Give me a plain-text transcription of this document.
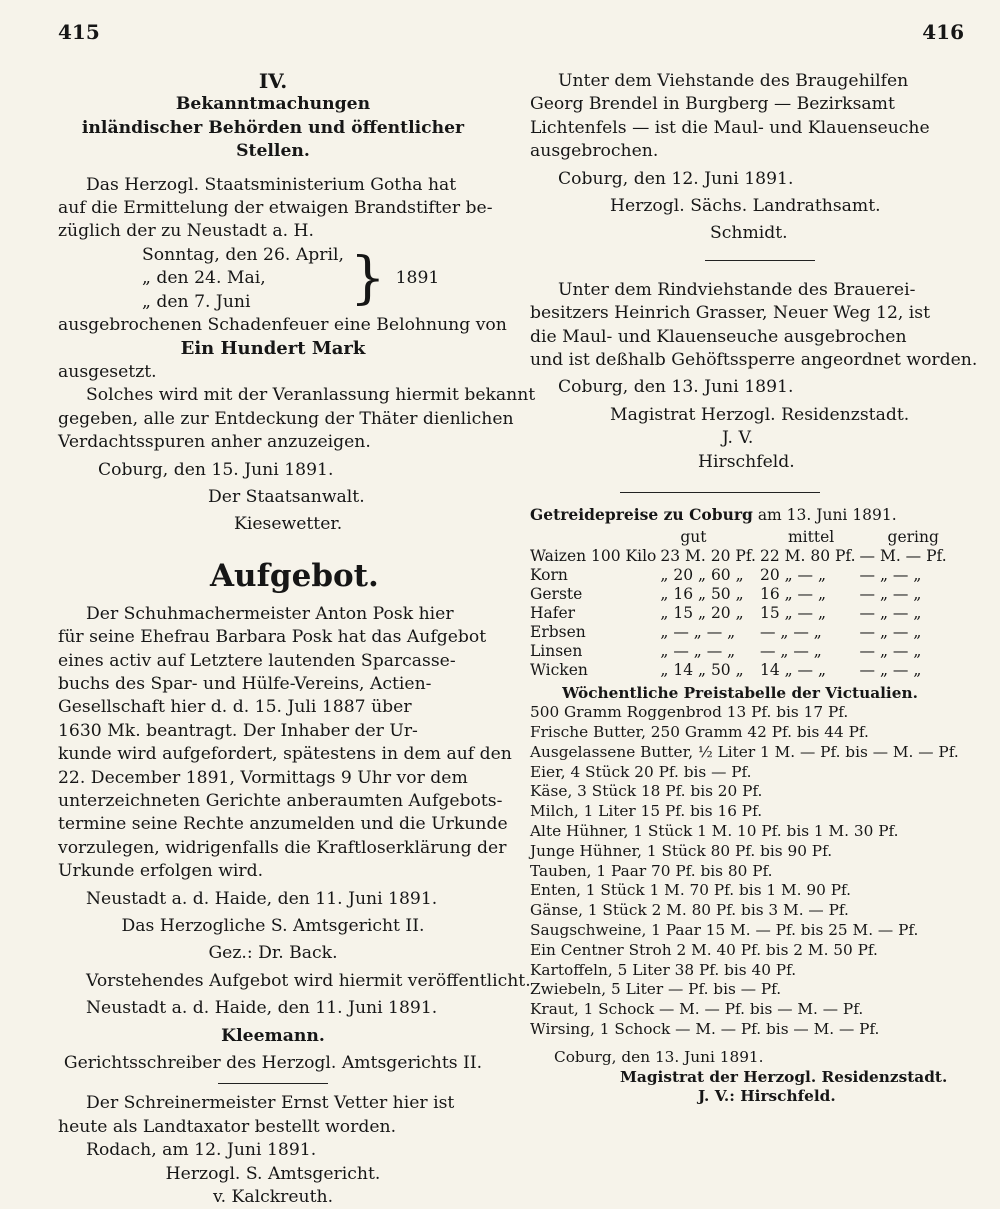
415	416
IV.
Bekanntmachungen
inländischer Behörden und öffentlicher Stellen.
Das Herzogl. Staatsministerium Gotha hat
auf die Ermittelung der etwaigen Brandstifter be-
züglich der zu Neustadt a. H.
Sonntag, den 26. April,
„ den 24. Mai,
„ den 7. Juni	} 1891
ausgebrochenen Schadenfeuer eine Belohnung von
Ein Hundert Mark
ausgesetzt.
Solches wird mit der Veranlassung hiermit bekannt
gegeben, alle zur Entdeckung der Thäter dienlichen
Verdachtsspuren anher anzuzeigen.
Coburg, den 15. Juni 1891.
Der Staatsanwalt.
Kiesewetter.
Aufgebot.
Der Schuhmachermeister Anton Posk hier
für seine Ehefrau Barbara Posk hat das Aufgebot
eines activ auf Letztere lautenden Sparcasse-
buchs des Spar- und Hülfe-Vereins, Actien-
Gesellschaft hier d. d. 15. Juli 1887 über
1630 Mk. beantragt. Der Inhaber der Ur-
kunde wird aufgefordert, spätestens in dem auf den
22. December 1891, Vormittags 9 Uhr vor dem
unterzeichneten Gerichte anberaumten Aufgebots-
termine seine Rechte anzumelden und die Urkunde
vorzulegen, widrigenfalls die Kraftloserklärung der
Urkunde erfolgen wird.
Neustadt a. d. Haide, den 11. Juni 1891.
Das Herzogliche S. Amtsgericht II.
Gez.: Dr. Back.
Vorstehendes Aufgebot wird hiermit veröffentlicht.
Neustadt a. d. Haide, den 11. Juni 1891.
Kleemann.
Gerichtsschreiber des Herzogl. Amtsgerichts II.
Der Schreinermeister Ernst Vetter hier ist
heute als Landtaxator bestellt worden.
Rodach, am 12. Juni 1891.
Herzogl. S. Amtsgericht.
v. Kalckreuth.
Unter dem Viehstande des Braugehilfen
Georg Brendel in Burgberg — Bezirksamt
Lichtenfels — ist die Maul- und Klauenseuche
ausgebrochen.
Coburg, den 12. Juni 1891.
Herzogl. Sächs. Landrathsamt.
Schmidt.
Unter dem Rindviehstande des Brauerei-
besitzers Heinrich Grasser, Neuer Weg 12, ist
die Maul- und Klauenseuche ausgebrochen
und ist deßhalb Gehöftssperre angeordnet worden.
Coburg, den 13. Juni 1891.
Magistrat Herzogl. Residenzstadt.
J. V.
Hirschfeld.
Getreidepreise zu Coburg am 13. Juni 1891.
	gut	mittel	gering
Waizen 100 Kilo	23 M. 20 Pf.	22 M. 80 Pf.	— M. — Pf.
Korn	„ 20 „ 60 „	20 „ — „	— „ — „
Gerste	„ 16 „ 50 „	16 „ — „	— „ — „
Hafer	„ 15 „ 20 „	15 „ — „	— „ — „
Erbsen	„ — „ — „	— „ — „	— „ — „
Linsen	„ — „ — „	— „ — „	— „ — „
Wicken	„ 14 „ 50 „	14 „ — „	— „ — „
Wöchentliche Preistabelle der Victualien.
500 Gramm Roggenbrod 13 Pf. bis 17 Pf.
Frische Butter, 250 Gramm 42 Pf. bis 44 Pf.
Ausgelassene Butter, ½ Liter 1 M. — Pf. bis — M. — Pf.
Eier, 4 Stück 20 Pf. bis — Pf.
Käse, 3 Stück 18 Pf. bis 20 Pf.
Milch, 1 Liter 15 Pf. bis 16 Pf.
Alte Hühner, 1 Stück 1 M. 10 Pf. bis 1 M. 30 Pf.
Junge Hühner, 1 Stück 80 Pf. bis 90 Pf.
Tauben, 1 Paar 70 Pf. bis 80 Pf.
Enten, 1 Stück 1 M. 70 Pf. bis 1 M. 90 Pf.
Gänse, 1 Stück 2 M. 80 Pf. bis 3 M. — Pf.
Saugschweine, 1 Paar 15 M. — Pf. bis 25 M. — Pf.
Ein Centner Stroh 2 M. 40 Pf. bis 2 M. 50 Pf.
Kartoffeln, 5 Liter 38 Pf. bis 40 Pf.
Zwiebeln, 5 Liter — Pf. bis — Pf.
Kraut, 1 Schock — M. — Pf. bis — M. — Pf.
Wirsing, 1 Schock — M. — Pf. bis — M. — Pf.
Coburg, den 13. Juni 1891.
Magistrat der Herzogl. Residenzstadt.
J. V.: Hirschfeld.
